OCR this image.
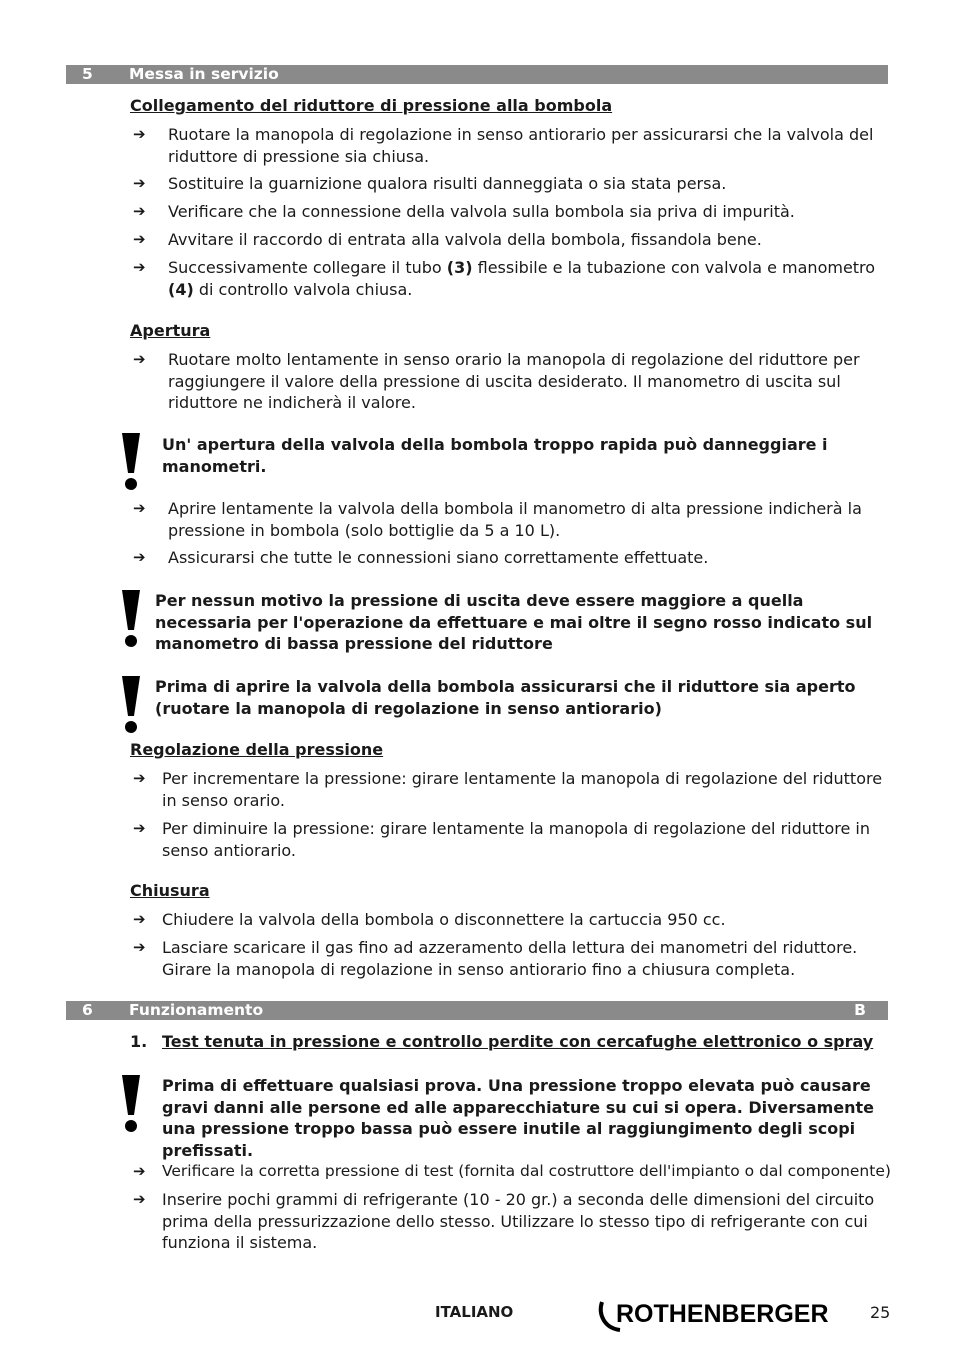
5 Messa in servizio
Collegamento del riduttore di pressione alla bombola
➔ Ruotare la manopola di regolazione in senso antiorario per assicurarsi che la valvola del riduttore di pressione sia chiusa.
➔ Sostituire la guarnizione qualora risulti danneggiata o sia stata persa.
➔ Verificare che la connessione della valvola sulla bombola sia priva di impurità.
➔ Avvitare il raccordo di entrata alla valvola della bombola, fissandola bene.
➔ Successivamente collegare il tubo (3) flessibile e la tubazione con valvola e manometro (4) di controllo valvola chiusa.
Apertura
➔ Ruotare molto lentamente in senso orario la manopola di regolazione del riduttore per raggiungere il valore della pressione di uscita desiderato. Il manometro di uscita sul riduttore ne indicherà il valore.
Un' apertura della valvola della bombola troppo rapida può danneggiare i manometri.
➔ Aprire lentamente la valvola della bombola il manometro di alta pressione indicherà la pressione in bombola (solo bottiglie da 5 a 10 L).
➔ Assicurarsi che tutte le connessioni siano correttamente effettuate.
Per nessun motivo la pressione di uscita deve essere maggiore a quella necessaria per l'operazione da effettuare e mai oltre il segno rosso indicato sul manometro di bassa pressione del riduttore
Prima di aprire la valvola della bombola assicurarsi che il riduttore sia aperto (ruotare la manopola di regolazione in senso antiorario)
Regolazione della pressione
➔ Per incrementare la pressione: girare lentamente la manopola di regolazione del riduttore in senso orario.
➔ Per diminuire la pressione: girare lentamente la manopola di regolazione del riduttore in senso antiorario.
Chiusura
➔ Chiudere la valvola della bombola o disconnettere la cartuccia 950 cc.
➔ Lasciare scaricare il gas fino ad azzeramento della lettura dei manometri del riduttore. Girare la manopola di regolazione in senso antiorario fino a chiusura completa.
6 Funzionamento	B
1. Test tenuta in pressione e controllo perdite con cercafughe elettronico o spray
Prima di effettuare qualsiasi prova. Una pressione troppo elevata può causare gravi danni alle persone ed alle apparecchiature su cui si opera. Diversamente una pressione troppo bassa può essere inutile al raggiungimento degli scopi prefissati.
➔ Verificare la corretta pressione di test (fornita dal costruttore dell'impianto o dal componente)
➔ Inserire pochi grammi di refrigerante (10 - 20 gr.) a seconda delle dimensioni del circuito prima della pressurizzazione dello stesso. Utilizzare lo stesso tipo di refrigerante con cui funziona il sistema.
ITALIANO	ROTHENBERGER	25
